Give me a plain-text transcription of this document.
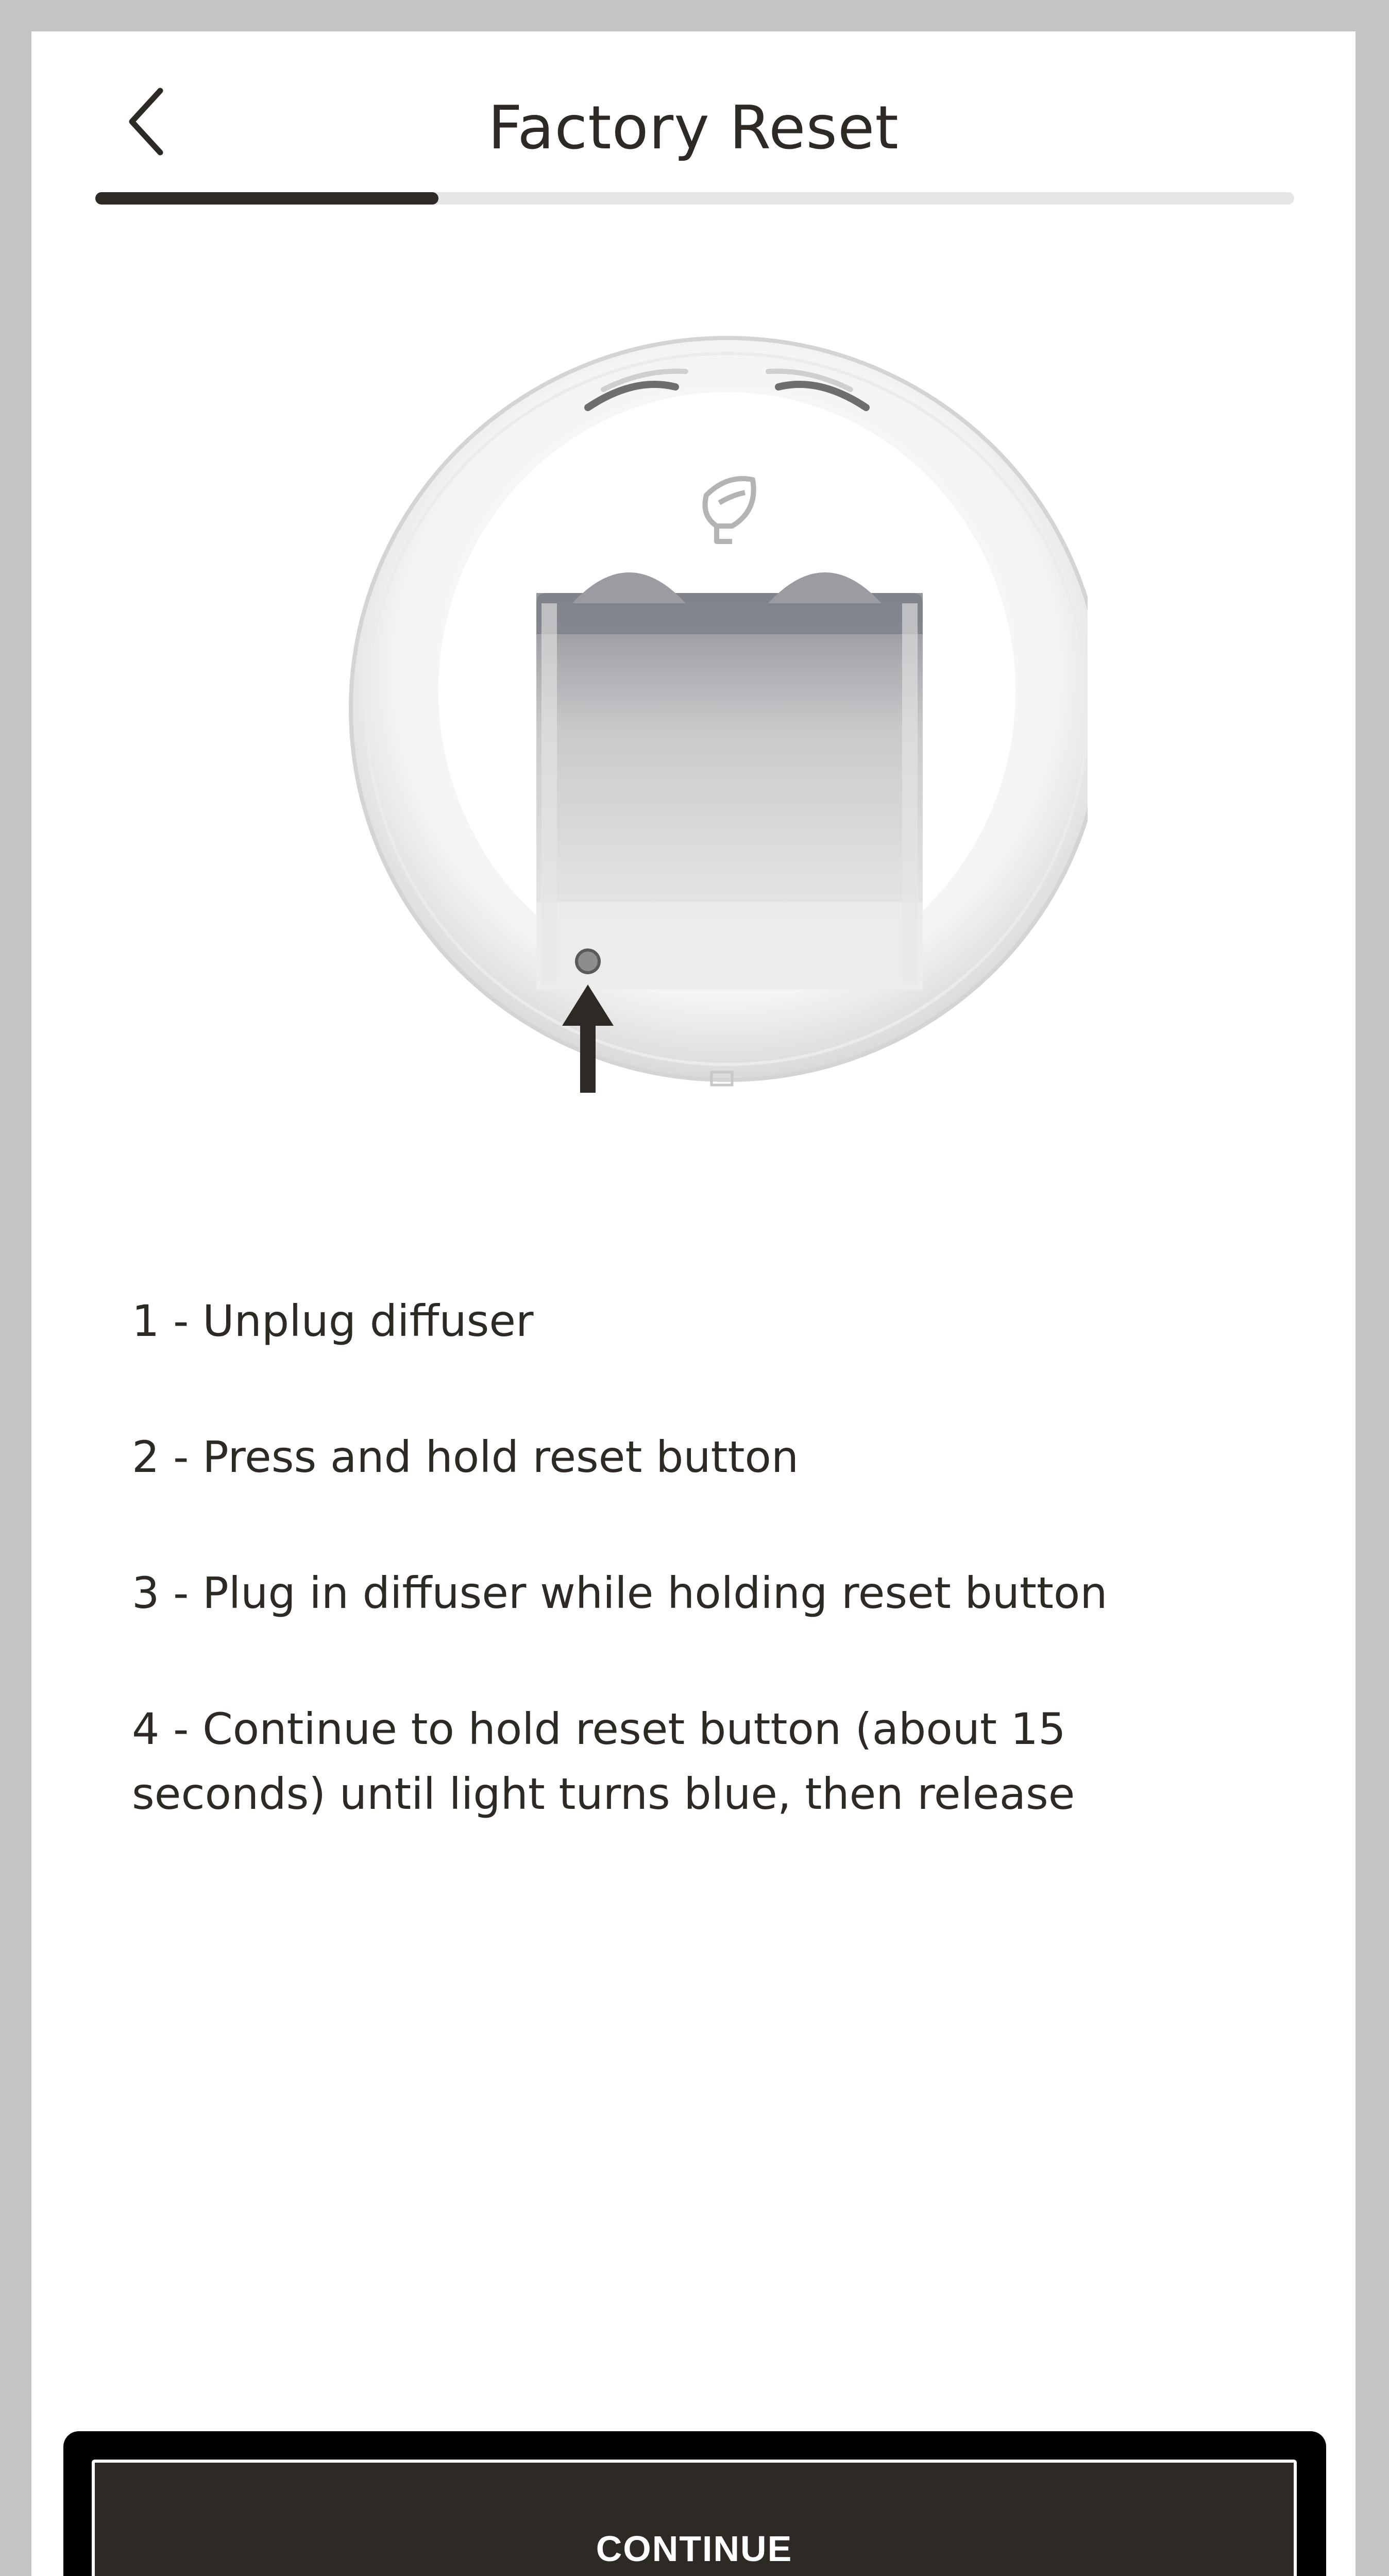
Factory Reset
1 - Unplug diffuser
2 - Press and hold reset button
3 - Plug in diffuser while holding reset button
4 - Continue to hold reset button (about 15 seconds) until light turns blue, then release
CONTINUE
